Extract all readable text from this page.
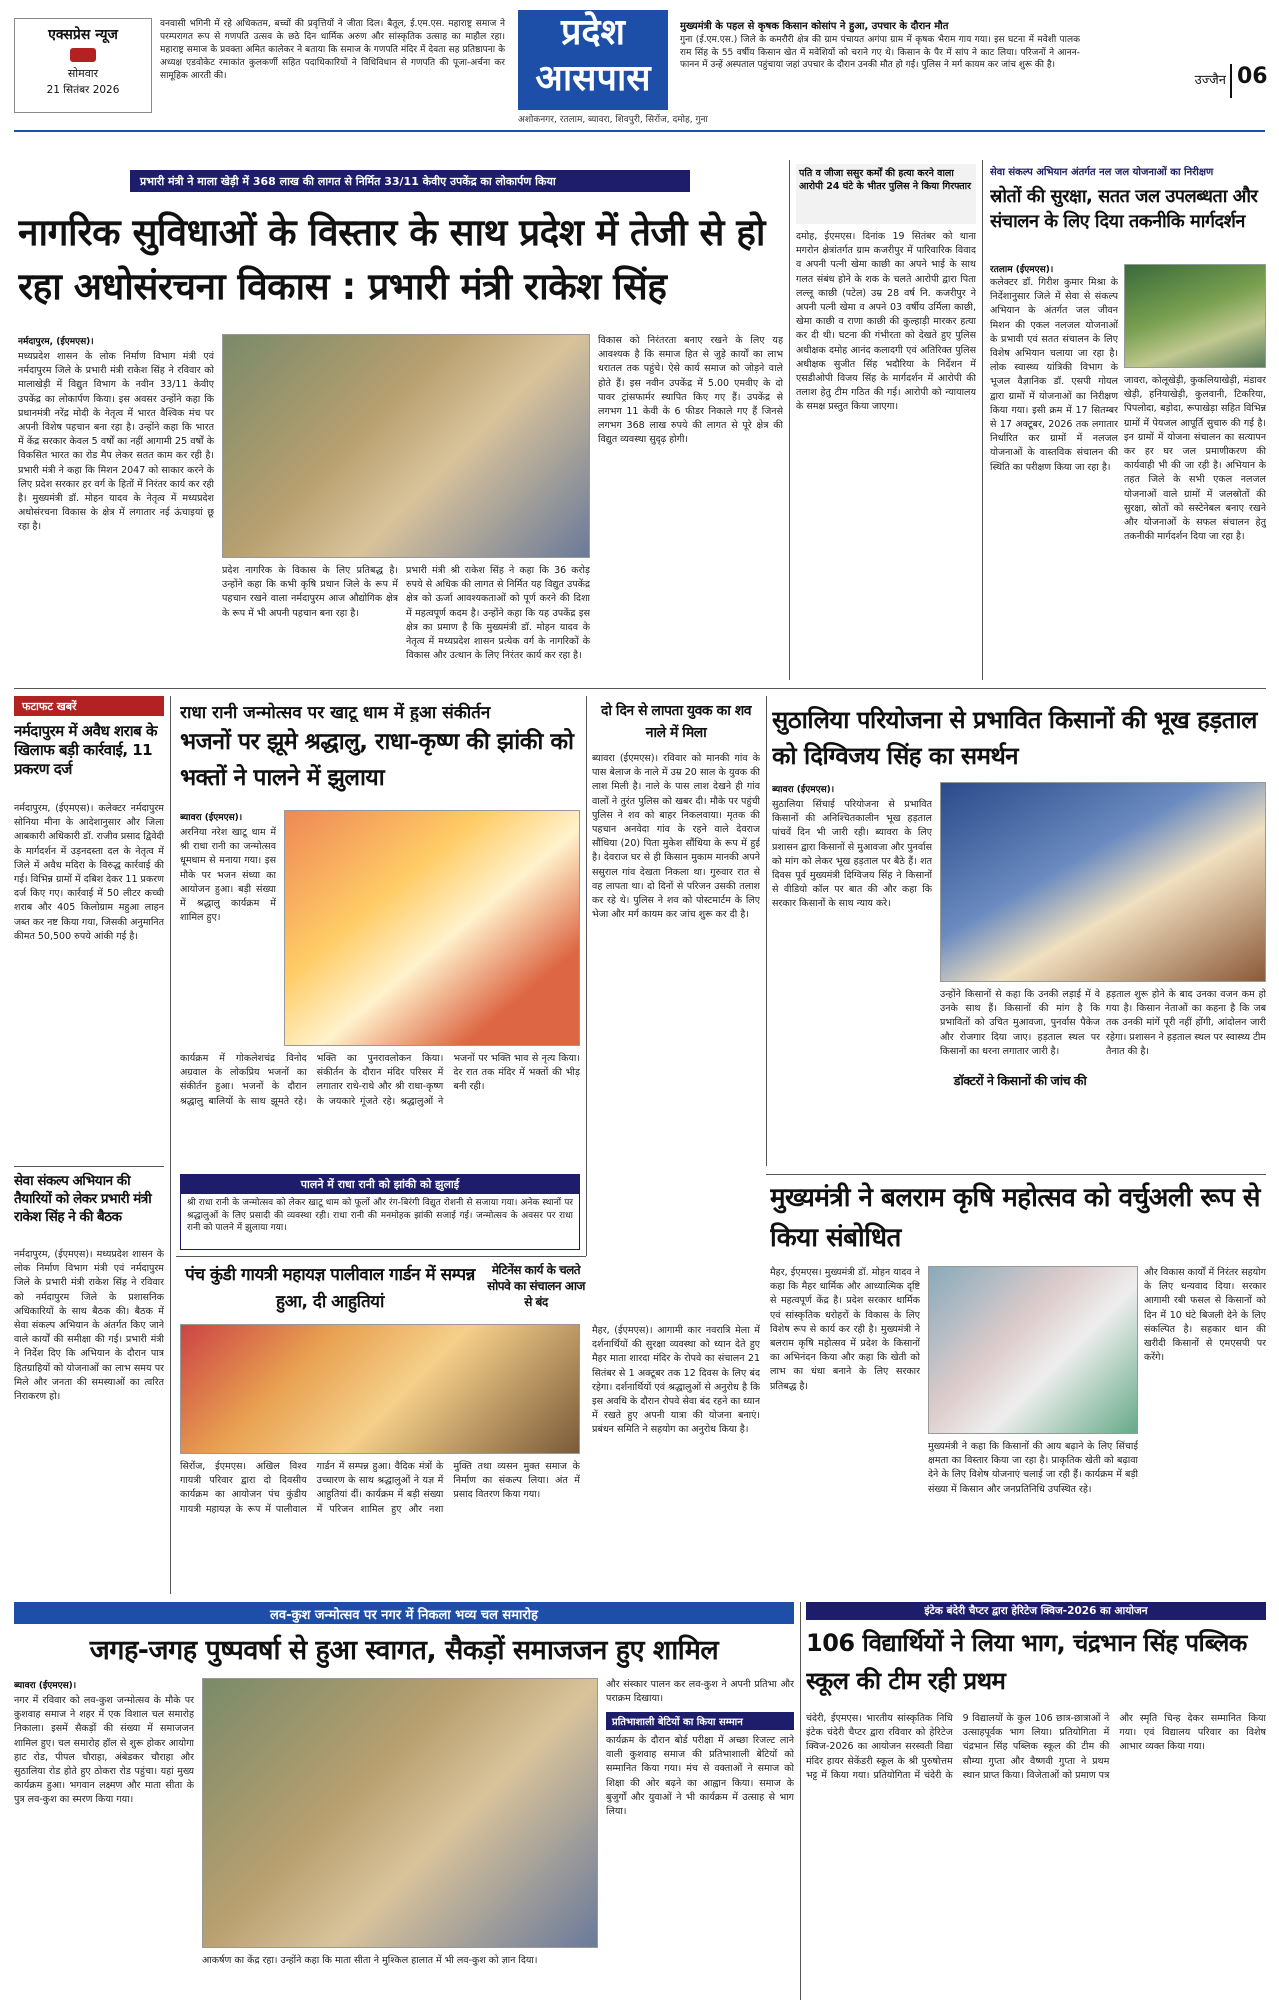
एक्सप्रेस न्यूज
सोमवार
21 सितंबर 2026
वनवासी भगिनी में रहे अधिकतम, बच्चों की प्रवृत्तियों ने जीता दिल। बैतूल, ई.एम.एस. महाराष्ट्र समाज ने परम्परागत रूप से गणपति उत्सव के छठे दिन धार्मिक अरुण और सांस्कृतिक उत्साह का माहौल रहा। महाराष्ट्र समाज के प्रवक्ता अमित कालेकर ने बताया कि समाज के गणपति मंदिर में देवता सह प्रतिष्ठापना के अध्यक्ष एडवोकेट रमाकांत कुलकर्णी सहित पदाधिकारियों ने विधिविधान से गणपति की पूजा-अर्चना कर सामूहिक आरती की।
प्रदेश
आसपास
अशोकनगर, रतलाम, ब्यावरा, शिवपुरी, सिरोंज, दमोह, गुना
मुख्यमंत्री के पहल से कृषक किसान कोसांप ने हुआ, उपचार के दौरान मौत
गुना (ई.एम.एस.) जिले के कमरौरी क्षेत्र की ग्राम पंचायत अगंपा ग्राम में कृषक भैराम गाय गया। इस घटना में मवेशी पालक राम सिंह के 55 वर्षीय किसान खेत में मवेशियों को चराने गए थे। किसान के पैर में सांप ने काट लिया। परिजनों ने आनन-फानन में उन्हें अस्पताल पहुंचाया जहां उपचार के दौरान उनकी मौत हो गई। पुलिस ने मर्ग कायम कर जांच शुरू की है।
उज्जैन 06
प्रभारी मंत्री ने माला खेड़ी में 368 लाख की लागत से निर्मित 33/11 केवीए उपकेंद्र का लोकार्पण किया
नागरिक सुविधाओं के विस्तार के साथ प्रदेश में तेजी से हो रहा अधोसंरचना विकास : प्रभारी मंत्री राकेश सिंह
नर्मदापुरम, (ईएमएस)।
मध्यप्रदेश शासन के लोक निर्माण विभाग मंत्री एवं नर्मदापुरम जिले के प्रभारी मंत्री राकेश सिंह ने रविवार को मालाखेड़ी में विद्युत विभाग के नवीन 33/11 केवीए उपकेंद्र का लोकार्पण किया। इस अवसर उन्होंने कहा कि प्रधानमंत्री नरेंद्र मोदी के नेतृत्व में भारत वैश्विक मंच पर अपनी विशेष पहचान बना रहा है। उन्होंने कहा कि भारत में केंद्र सरकार केवल 5 वर्षों का नहीं आगामी 25 वर्षों के विकसित भारत का रोड मैप लेकर सतत काम कर रही है। प्रभारी मंत्री ने कहा कि मिशन 2047 को साकार करने के लिए प्रदेश सरकार हर वर्ग के हितों में निरंतर कार्य कर रही है। मुख्यमंत्री डॉ. मोहन यादव के नेतृत्व में मध्यप्रदेश अधोसंरचना विकास के क्षेत्र में लगातार नई ऊंचाइयां छू रहा है।
प्रदेश नागरिक के विकास के लिए प्रतिबद्ध है। उन्होंने कहा कि कभी कृषि प्रधान जिले के रूप में पहचान रखने वाला नर्मदापुरम आज औद्योगिक क्षेत्र के रूप में भी अपनी पहचान बना रहा है।
प्रभारी मंत्री श्री राकेश सिंह ने कहा कि 36 करोड़ रुपये से अधिक की लागत से निर्मित यह विद्युत उपकेंद्र क्षेत्र को ऊर्जा आवश्यकताओं को पूर्ण करने की दिशा में महत्वपूर्ण कदम है। उन्होंने कहा कि यह उपकेंद्र इस क्षेत्र का प्रमाण है कि मुख्यमंत्री डॉ. मोहन यादव के नेतृत्व में मध्यप्रदेश शासन प्रत्येक वर्ग के नागरिकों के विकास और उत्थान के लिए निरंतर कार्य कर रहा है।
विकास को निरंतरता बनाए रखने के लिए यह आवश्यक है कि समाज हित से जुड़े कार्यों का लाभ धरातल तक पहुंचे। ऐसे कार्य समाज को जोड़ने वाले होते हैं। इस नवीन उपकेंद्र में 5.00 एमवीए के दो पावर ट्रांसफार्मर स्थापित किए गए हैं। उपकेंद्र से लगभग 11 केवी के 6 फीडर निकाले गए हैं जिनसे लगभग 368 लाख रुपये की लागत से पूरे क्षेत्र की विद्युत व्यवस्था सुदृढ़ होगी।
पति व जीजा ससुर कर्मों की हत्या करने वाला आरोपी 24 घंटे के भीतर पुलिस ने किया गिरफ्तार
दमोह, ईएमएस। दिनांक 19 सितंबर को थाना मगरोन क्षेत्रांतर्गत ग्राम कजरीपुर में पारिवारिक विवाद व अपनी पत्नी खेमा काछी का अपने भाई के साथ गलत संबंध होने के शक के चलते आरोपी द्वारा पिता लल्लू काछी (पटेल) उम्र 28 वर्ष नि. कजरीपुर ने अपनी पत्नी खेमा व अपने 03 वर्षीय उर्मिला काछी, खेमा काछी व राणा काछी की कुल्हाड़ी मारकर हत्या कर दी थी। घटना की गंभीरता को देखते हुए पुलिस अधीक्षक दमोह आनंद कलादगी एवं अतिरिक्त पुलिस अधीक्षक सुजीत सिंह भदौरिया के निर्देशन में एसडीओपी विजय सिंह के मार्गदर्शन में आरोपी की तलाश हेतु टीम गठित की गई। आरोपी को न्यायालय के समक्ष प्रस्तुत किया जाएगा।
सेवा संकल्प अभियान अंतर्गत नल जल योजनाओं का निरीक्षण
स्रोतों की सुरक्षा, सतत जल उपलब्धता और संचालन के लिए दिया तकनीकि मार्गदर्शन
रतलाम (ईएमएस)।
कलेक्टर डॉ. गिरीश कुमार मिश्रा के निर्देशानुसार जिले में सेवा से संकल्प अभियान के अंतर्गत जल जीवन मिशन की एकल नलजल योजनाओं के प्रभावी एवं सतत संचालन के लिए विशेष अभियान चलाया जा रहा है। लोक स्वास्थ्य यांत्रिकी विभाग के भूजल वैज्ञानिक डॉ. एसपी गोयल द्वारा ग्रामों में योजनाओं का निरीक्षण किया गया। इसी क्रम में 17 सितम्बर से 17 अक्टूबर, 2026 तक लगातार निर्धारित कर ग्रामों में नलजल योजनाओं के वास्तविक संचालन की स्थिति का परीक्षण किया जा रहा है।
जावरा, कोलूखेड़ी, कुकलियाखेड़ी, मंडावर खेड़ी, हनियाखेड़ी, कुलवानी, टिकरिया, पिपलोदा, बड़ोदा, रूपाखेड़ा सहित विभिन्न ग्रामों में पेयजल आपूर्ति सुचारु की गई है। इन ग्रामों में योजना संचालन का सत्यापन कर हर घर जल प्रमाणीकरण की कार्यवाही भी की जा रही है। अभियान के तहत जिले के सभी एकल नलजल योजनाओं वाले ग्रामों में जलस्रोतों की सुरक्षा, स्रोतों को सस्टेनेबल बनाए रखने और योजनाओं के सफल संचालन हेतु तकनीकी मार्गदर्शन दिया जा रहा है।
फटाफट खबरें
नर्मदापुरम में अवैध शराब के खिलाफ बड़ी कार्रवाई, 11 प्रकरण दर्ज
नर्मदापुरम, (ईएमएस)। कलेक्टर नर्मदापुरम सोनिया मीना के आदेशानुसार और जिला आबकारी अधिकारी डॉ. राजीव प्रसाद द्विवेदी के मार्गदर्शन में उड़नदस्ता दल के नेतृत्व में जिले में अवैध मदिरा के विरुद्ध कार्रवाई की गई। विभिन्न ग्रामों में दबिश देकर 11 प्रकरण दर्ज किए गए। कार्रवाई में 50 लीटर कच्ची शराब और 405 किलोग्राम महुआ लाहन जब्त कर नष्ट किया गया, जिसकी अनुमानित कीमत 50,500 रुपये आंकी गई है।
सेवा संकल्प अभियान की तैयारियों को लेकर प्रभारी मंत्री राकेश सिंह ने की बैठक
नर्मदापुरम, (ईएमएस)। मध्यप्रदेश शासन के लोक निर्माण विभाग मंत्री एवं नर्मदापुरम जिले के प्रभारी मंत्री राकेश सिंह ने रविवार को नर्मदापुरम जिले के प्रशासनिक अधिकारियों के साथ बैठक की। बैठक में सेवा संकल्प अभियान के अंतर्गत किए जाने वाले कार्यों की समीक्षा की गई। प्रभारी मंत्री ने निर्देश दिए कि अभियान के दौरान पात्र हितग्राहियों को योजनाओं का लाभ समय पर मिले और जनता की समस्याओं का त्वरित निराकरण हो।
राधा रानी जन्मोत्सव पर खाटू धाम में हुआ संकीर्तन
भजनों पर झूमे श्रद्धालु, राधा-कृष्ण की झांकी को भक्तों ने पालने में झुलाया
ब्यावरा (ईएमएस)।
अरनिया नरेश खाटू धाम में श्री राधा रानी का जन्मोत्सव धूमधाम से मनाया गया। इस मौके पर भजन संध्या का आयोजन हुआ। बड़ी संख्या में श्रद्धालु कार्यक्रम में शामिल हुए।
कार्यक्रम में गोकलेशचंद्र विनोद अग्रवाल के लोकप्रिय भजनों का संकीर्तन हुआ। भजनों के दौरान श्रद्धालु बालियों के साथ झूमते रहे। भक्ति का पुनरावलोकन किया। संकीर्तन के दौरान मंदिर परिसर में लगातार राधे-राधे और श्री राधा-कृष्ण के जयकारे गूंजते रहे। श्रद्धालुओं ने भजनों पर भक्ति भाव से नृत्य किया। देर रात तक मंदिर में भक्तों की भीड़ बनी रही।
पालने में राधा रानी को झांकी को झुलाई
श्री राधा रानी के जन्मोत्सव को लेकर खाटू धाम को फूलों और रंग-बिरंगी विद्युत रोशनी से सजाया गया। अनेक स्थानों पर श्रद्धालुओं के लिए प्रसादी की व्यवस्था रही। राधा रानी की मनमोहक झांकी सजाई गई। जन्मोत्सव के अवसर पर राधा रानी को पालने में झुलाया गया।
दो दिन से लापता युवक का शव नाले में मिला
ब्यावरा (ईएमएस)। रविवार को मानकी गांव के पास बेलाज के नाले में उम्र 20 साल के युवक की लाश मिली है। नाले के पास लाश देखने ही गांव वालों ने तुरंत पुलिस को खबर दी। मौके पर पहुंची पुलिस ने शव को बाहर निकलवाया। मृतक की पहचान अनवेदा गांव के रहने वाले देवराज सौंधिया (20) पिता मुकेश सौंधिया के रूप में हुई है। देवराज घर से ही किसान मुकाम मानकी अपने ससुराल गांव देखता निकला था। गुरुवार रात से वह लापता था। दो दिनों से परिजन उसकी तलाश कर रहे थे। पुलिस ने शव को पोस्टमार्टम के लिए भेजा और मर्ग कायम कर जांच शुरू कर दी है।
सुठालिया परियोजना से प्रभावित किसानों की भूख हड़ताल को दिग्विजय सिंह का समर्थन
ब्यावरा (ईएमएस)।
सुठालिया सिंचाई परियोजना से प्रभावित किसानों की अनिश्चितकालीन भूख हड़ताल पांचवें दिन भी जारी रही। ब्यावरा के लिए प्रशासन द्वारा किसानों से मुआवजा और पुनर्वास को मांग को लेकर भूख हड़ताल पर बैठे हैं। शत दिवस पूर्व मुख्यमंत्री दिग्विजय सिंह ने किसानों से वीडियो कॉल पर बात की और कहा कि सरकार किसानों के साथ न्याय करे।
उन्होंने किसानों से कहा कि उनकी लड़ाई में वे उनके साथ हैं। किसानों की मांग है कि प्रभावितों को उचित मुआवजा, पुनर्वास पैकेज और रोजगार दिया जाए। हड़ताल स्थल पर किसानों का धरना लगातार जारी है।
डॉक्टरों ने किसानों की जांच की
हड़ताल शुरू होने के बाद उनका वजन कम हो गया है। किसान नेताओं का कहना है कि जब तक उनकी मांगें पूरी नहीं होंगी, आंदोलन जारी रहेगा। प्रशासन ने हड़ताल स्थल पर स्वास्थ्य टीम तैनात की है।
पंच कुंडी गायत्री महायज्ञ पालीवाल गार्डन में सम्पन्न हुआ, दी आहुतियां
सिरोंज, ईएमएस। अखिल विश्व गायत्री परिवार द्वारा दो दिवसीय कार्यक्रम का आयोजन पंच कुंडीय गायत्री महायज्ञ के रूप में पालीवाल गार्डन में सम्पन्न हुआ। वैदिक मंत्रों के उच्चारण के साथ श्रद्धालुओं ने यज्ञ में आहुतियां दीं। कार्यक्रम में बड़ी संख्या में परिजन शामिल हुए और नशा मुक्ति तथा व्यसन मुक्त समाज के निर्माण का संकल्प लिया। अंत में प्रसाद वितरण किया गया।
मेटिनेंस कार्य के चलते सोपवे का संचालन आज से बंद
मैहर, (ईएमएस)। आगामी कार नवरात्रि मेला में दर्शनार्थियों की सुरक्षा व्यवस्था को ध्यान देते हुए मैहर माता शारदा मंदिर के रोपवे का संचालन 21 सितंबर से 1 अक्टूबर तक 12 दिवस के लिए बंद रहेगा। दर्शनार्थियों एवं श्रद्धालुओं से अनुरोध है कि इस अवधि के दौरान रोपवे सेवा बंद रहने का ध्यान में रखते हुए अपनी यात्रा की योजना बनाएं। प्रबंधन समिति ने सहयोग का अनुरोध किया है।
मुख्यमंत्री ने बलराम कृषि महोत्सव को वर्चुअली रूप से किया संबोधित
मैहर, ईएमएस। मुख्यमंत्री डॉ. मोहन यादव ने कहा कि मैहर धार्मिक और आध्यात्मिक दृष्टि से महत्वपूर्ण केंद्र है। प्रदेश सरकार धार्मिक एवं सांस्कृतिक धरोहरों के विकास के लिए विशेष रूप से कार्य कर रही है। मुख्यमंत्री ने बलराम कृषि महोत्सव में प्रदेश के किसानों का अभिनंदन किया और कहा कि खेती को लाभ का धंधा बनाने के लिए सरकार प्रतिबद्ध है।
मुख्यमंत्री ने कहा कि किसानों की आय बढ़ाने के लिए सिंचाई क्षमता का विस्तार किया जा रहा है। प्राकृतिक खेती को बढ़ावा देने के लिए विशेष योजनाएं चलाई जा रही हैं। कार्यक्रम में बड़ी संख्या में किसान और जनप्रतिनिधि उपस्थित रहे।
और विकास कार्यों में निरंतर सहयोग के लिए धन्यवाद दिया। सरकार आगामी रबी फसल से किसानों को दिन में 10 घंटे बिजली देने के लिए संकल्पित है। सहकार धान की खरीदी किसानों से एमएसपी पर करेंगे।
लव-कुश जन्मोत्सव पर नगर में निकला भव्य चल समारोह
जगह-जगह पुष्पवर्षा से हुआ स्वागत, सैकड़ों समाजजन हुए शामिल
ब्यावरा (ईएमएस)।
नगर में रविवार को लव-कुश जन्मोत्सव के मौके पर कुशवाह समाज ने शहर में एक विशाल चल समारोह निकाला। इसमें सैकड़ों की संख्या में समाजजन शामिल हुए। चल समारोह हॉल से शुरू होकर आयोगा हाट रोड, पीपल चौराहा, अंबेडकर चौराहा और सुठालिया रोड होते हुए ठोकरा रोड पहुंचा। यहां मुख्य कार्यक्रम हुआ। भगवान लक्ष्मण और माता सीता के पुत्र लव-कुश का स्मरण किया गया।
आकर्षण का केंद्र रहा। उन्होंने कहा कि माता सीता ने मुश्किल हालात में भी लव-कुश को ज्ञान दिया।
और संस्कार पालन कर लव-कुश ने अपनी प्रतिभा और पराक्रम दिखाया।
प्रतिभाशाली बेटियों का किया सम्मान
कार्यक्रम के दौरान बोर्ड परीक्षा में अच्छा रिजल्ट लाने वाली कुशवाह समाज की प्रतिभाशाली बेटियों को सम्मानित किया गया। मंच से वक्ताओं ने समाज को शिक्षा की ओर बढ़ने का आह्वान किया। समाज के बुजुर्गों और युवाओं ने भी कार्यक्रम में उत्साह से भाग लिया।
इंटेक बंदेरी चैप्टर द्वारा हेरिटेज क्विज-2026 का आयोजन
106 विद्यार्थियों ने लिया भाग, चंद्रभान सिंह पब्लिक स्कूल की टीम रही प्रथम
चंदेरी, ईएमएस। भारतीय सांस्कृतिक निधि इंटेक चंदेरी चैप्टर द्वारा रविवार को हेरिटेज क्विज-2026 का आयोजन सरस्वती विद्या मंदिर हायर सेकेंडरी स्कूल के श्री पुरुषोत्तम भट्ट में किया गया। प्रतियोगिता में चंदेरी के 9 विद्यालयों के कुल 106 छात्र-छात्राओं ने उत्साहपूर्वक भाग लिया। प्रतियोगिता में चंद्रभान सिंह पब्लिक स्कूल की टीम की सौम्या गुप्ता और वैष्णवी गुप्ता ने प्रथम स्थान प्राप्त किया। विजेताओं को प्रमाण पत्र और स्मृति चिन्ह देकर सम्मानित किया गया। एवं विद्यालय परिवार का विशेष आभार व्यक्त किया गया।
